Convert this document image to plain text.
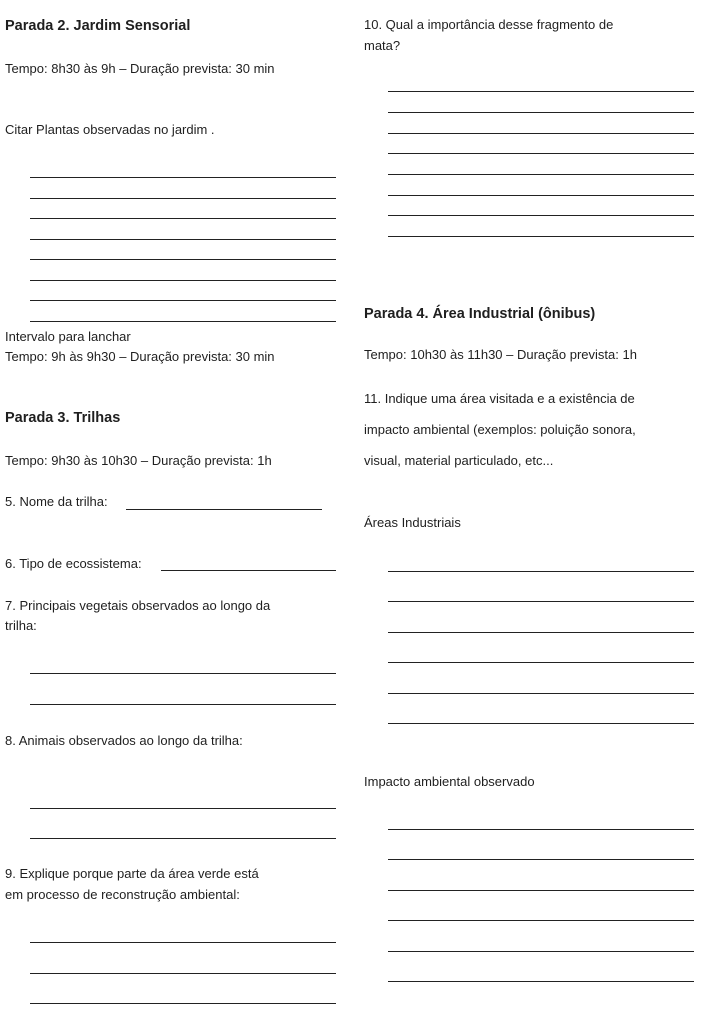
Parada 2. Jardim Sensorial
Tempo: 8h30 às 9h – Duração prevista: 30 min
Citar Plantas observadas no jardim .
Intervalo para lanchar
Tempo: 9h às 9h30 – Duração prevista: 30 min
Parada 3. Trilhas
Tempo: 9h30 às 10h30 – Duração prevista: 1h
5. Nome da trilha:
6. Tipo de ecossistema:
7. Principais vegetais observados ao longo da
trilha:
8. Animais observados ao longo da trilha:
9. Explique porque parte da área verde está
em processo de reconstrução ambiental:
10. Qual a importância desse fragmento de
mata?
Parada 4. Área Industrial (ônibus)
Tempo: 10h30 às 11h30 – Duração prevista: 1h
11. Indique uma área visitada e a existência de
impacto ambiental (exemplos: poluição sonora,
visual, material particulado, etc...
Áreas Industriais
Impacto ambiental observado
